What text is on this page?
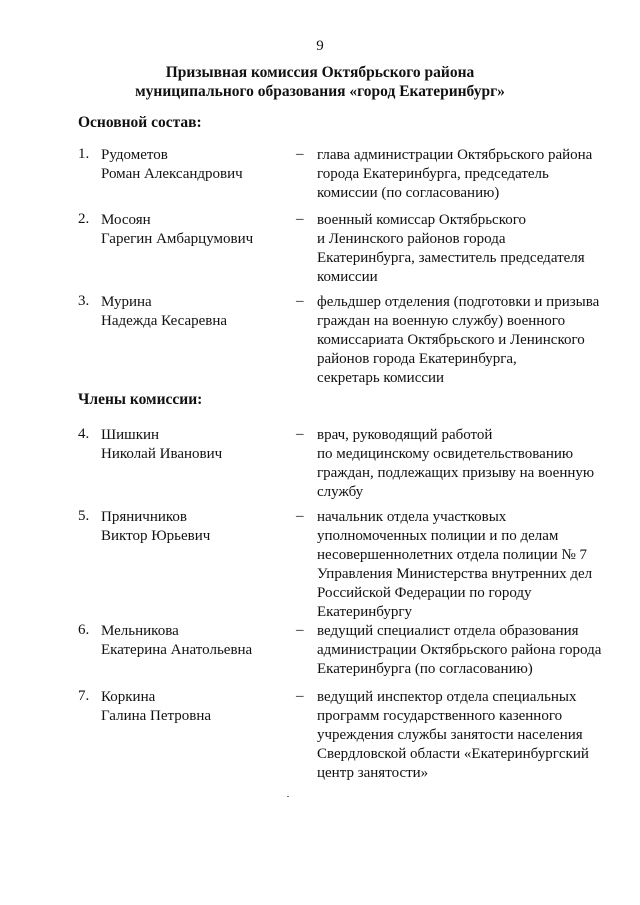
9
Призывная комиссия Октябрьского района
муниципального образования «город Екатеринбург»
Основной состав:
1. Рудометов
Роман Александрович
– глава администрации Октябрьского района
города Екатеринбурга, председатель
комиссии (по согласованию)
2. Мосоян
Гарегин Амбарцумович
– военный комиссар Октябрьского
и Ленинского районов города
Екатеринбурга, заместитель председателя
комиссии
3. Мурина
Надежда Кесаревна
– фельдшер отделения (подготовки и призыва
граждан на военную службу) военного
комиссариата Октябрьского и Ленинского
районов города Екатеринбурга,
секретарь комиссии
Члены комиссии:
4. Шишкин
Николай Иванович
– врач, руководящий работой
по медицинскому освидетельствованию
граждан, подлежащих призыву на военную
службу
5. Пряничников
Виктор Юрьевич
– начальник отдела участковых
уполномоченных полиции и по делам
несовершеннолетних отдела полиции № 7
Управления Министерства внутренних дел
Российской Федерации по городу
Екатеринбургу
6. Мельникова
Екатерина Анатольевна
– ведущий специалист отдела образования
администрации Октябрьского района города
Екатеринбурга (по согласованию)
7. Коркина
Галина Петровна
– ведущий инспектор отдела специальных
программ государственного казенного
учреждения службы занятости населения
Свердловской области «Екатеринбургский
центр занятости»
